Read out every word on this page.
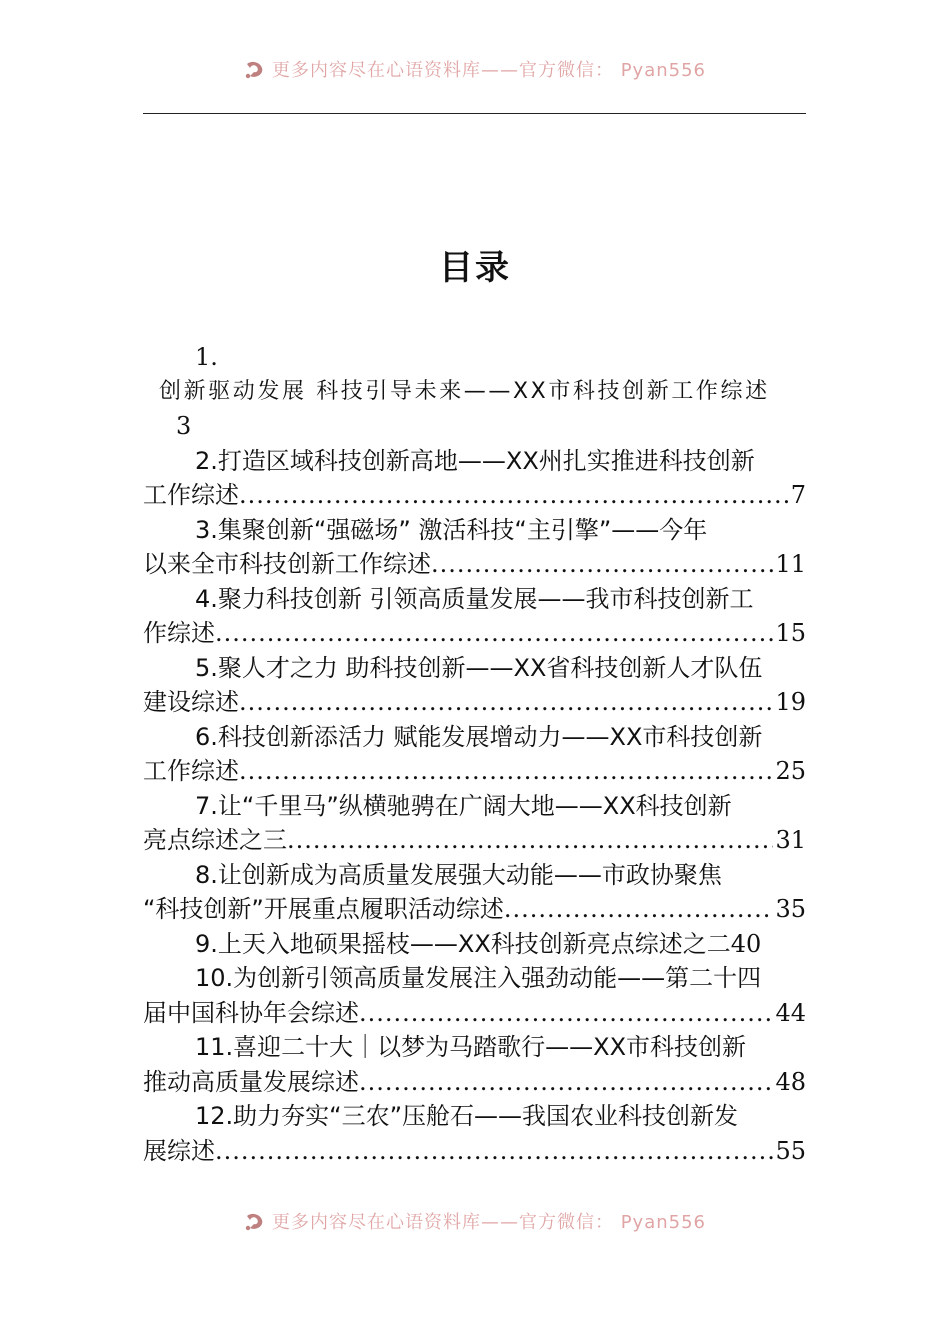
更多内容尽在心语资料库——官方微信： Pyan556
目录
1.
创新驱动发展 科技引导未来——XX市科技创新工作综述
3
2.打造区域科技创新高地——XX州扎实推进科技创新
工作综述 .....	7
3.集聚创新“强磁场” 激活科技“主引擎”——今年
以来全市科技创新工作综述 .....	11
4.聚力科技创新 引领高质量发展——我市科技创新工
作综述 .....	15
5.聚人才之力 助科技创新——XX省科技创新人才队伍
建设综述 .....	19
6.科技创新添活力 赋能发展增动力——XX市科技创新
工作综述 .....	25
7.让“千里马”纵横驰骋在广阔大地——XX科技创新
亮点综述之三 .....	31
8.让创新成为高质量发展强大动能——市政协聚焦
“科技创新”开展重点履职活动综述 .....	35
9.上天入地硕果摇枝——XX科技创新亮点综述之二 40
10.为创新引领高质量发展注入强劲动能——第二十四
届中国科协年会综述 .....	44
11.喜迎二十大｜以梦为马踏歌行——XX市科技创新
推动高质量发展综述 .....	48
12.助力夯实“三农”压舱石——我国农业科技创新发
展综述 .....	55
更多内容尽在心语资料库——官方微信： Pyan556
